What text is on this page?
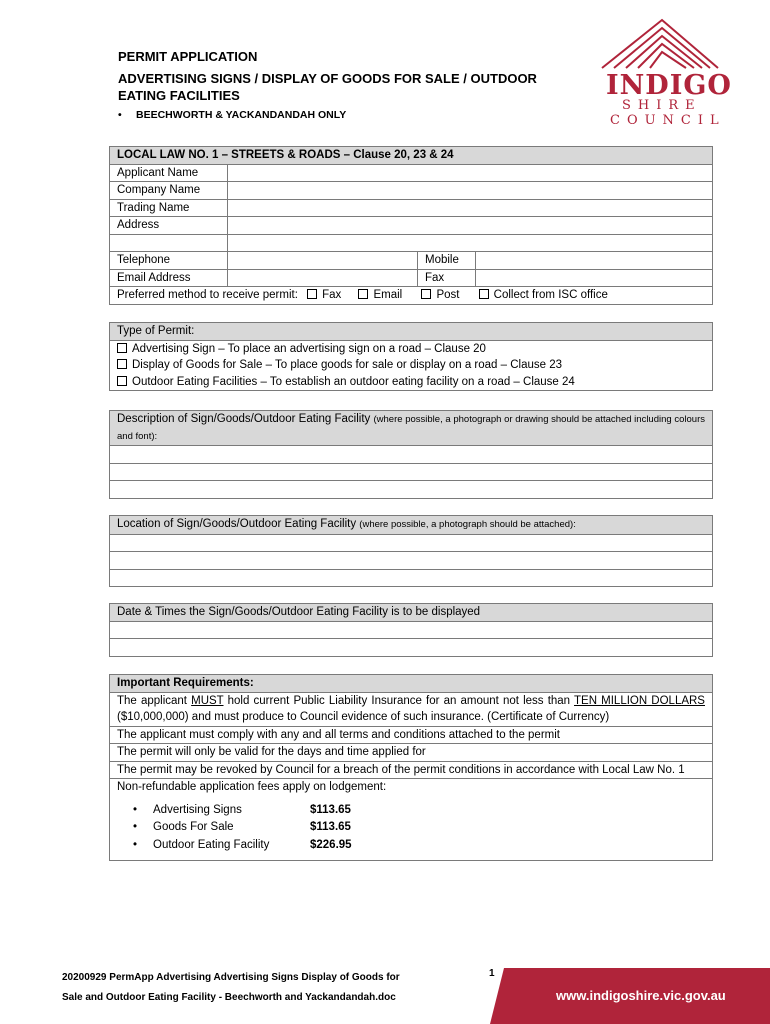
PERMIT APPLICATION
ADVERTISING SIGNS / DISPLAY OF GOODS FOR SALE / OUTDOOR
EATING FACILITIES
• BEECHWORTH & YACKANDANDAH ONLY
INDIGO
SHIRE
COUNCIL
LOCAL LAW NO. 1 – STREETS & ROADS – Clause 20, 23 & 24			
Applicant Name			
Company Name			
Trading Name			
Address			

Telephone		Mobile	
Email Address		Fax	
Preferred method to receive permit: Fax Email Post Collect from ISC office			
Type of Permit:
Advertising Sign – To place an advertising sign on a road – Clause 20
Display of Goods for Sale – To place goods for sale or display on a road – Clause 23
Outdoor Eating Facilities – To establish an outdoor eating facility on a road – Clause 24
Description of Sign/Goods/Outdoor Eating Facility (where possible, a photograph or drawing should be attached including colours and font):

Location of Sign/Goods/Outdoor Eating Facility (where possible, a photograph should be attached):

Date & Times the Sign/Goods/Outdoor Eating Facility is to be displayed

Important Requirements:
The applicant MUST hold current Public Liability Insurance for an amount not less than TEN MILLION DOLLARS ($10,000,000) and must produce to Council evidence of such insurance. (Certificate of Currency)
The applicant must comply with any and all terms and conditions attached to the permit
The permit will only be valid for the days and time applied for
The permit may be revoked by Council for a breach of the permit conditions in accordance with Local Law No. 1

Non-refundable application fees apply on lodgement:
• Advertising Signs	$113.65
• Goods For Sale	$113.65
• Outdoor Eating Facility	$226.95
20200929 PermApp Advertising Advertising Signs Display of Goods for
Sale and Outdoor Eating Facility - Beechworth and Yackandandah.doc
1
www.indigoshire.vic.gov.au
